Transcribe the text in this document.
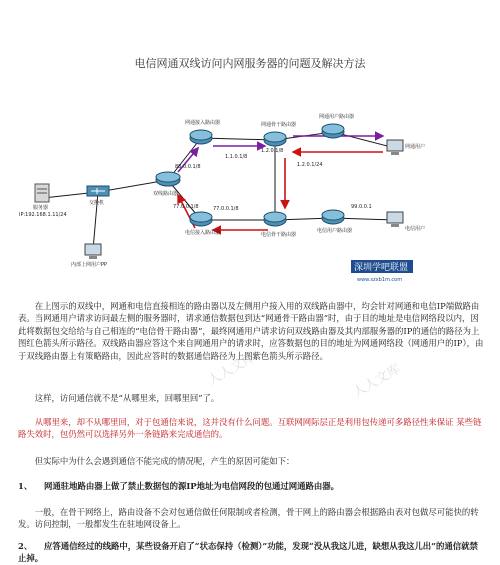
电信网通双线访问内网服务器的问题及解决方法
网通接入路由器	网通骨干路由器
网通用户路由器
网通用户
服务器
IP:192.168.1.11/24
交换机
双线路由器
电信接入路由器	电信骨干路由器
电信用户路由器	电信用户
内部上网用户PP
1.2.0.1/8
1.1.0.1/8
1.2.0.1/24
88.0.0.1/8
77.0.0.1/8
77.0.0.1/8	99.0.0.1
深圳学吧联盟
www.szxb1m.com

在上图示的双线中，网通和电信直接相连的路由器以及左侧用户接入用的双线路由器中，均会针对网通和电信IP端做路由表。当网通用户请求访问最左侧的服务器时，请求通信数据包到达“网通骨干路由器”时，由于目的地址是电信网络段以内，因此将数据包交给给与自己相连的“电信骨干路由器”，最终网通用户请求访问双线路由器及其内部服务器的IP的通信的路径为上图红色箭头所示路径。双线路由器应答这个来自网通用户的请求时，应答数据包的目的地址为网通网络段（网通用户的IP），由于双线路由器上有策略路由，因此应答时的数据通信路径为上图紫色箭头所示路径。

这样，访问通信就不是“从哪里来，回哪里回”了。

从哪里来，却不从哪里回，对于包通信来说，这并没有什么问题。互联网网际层正是利用包传递可多路径性来保证 某些链路失效时，包仍然可以选择另外一条链路来完成通信的。

但实际中为什么会遇到通信不能完成的情况呢，产生的原因可能如下：

1、 网通驻地路由器上做了禁止数据包的源IP地址为电信网段的包通过网通路由器。

一般，在骨干网络上，路由设备不会对包通信做任何限制或者检测，骨干网上的路由器会根据路由表对包做尽可能快的转发。访问控制，一般都发生在驻地网设备上。

2、 应答通信经过的线路中，某些设备开启了“状态保持（检测）”功能，发现“没从我这儿进，缺想从我这儿出”的通信就禁止掉。
人人文库	人人文库
